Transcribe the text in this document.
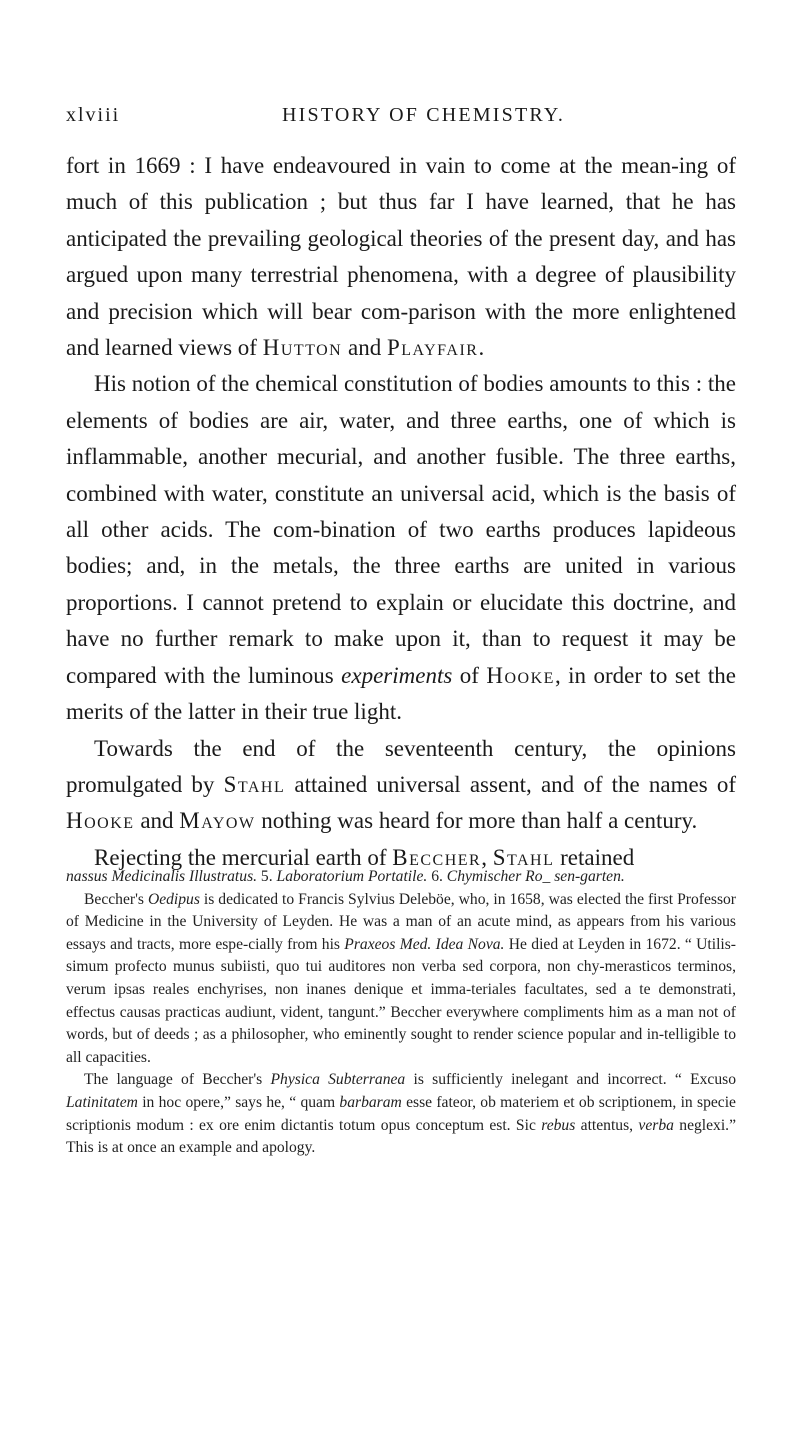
xlviii	HISTORY OF CHEMISTRY.

fort in 1669 : I have endeavoured in vain to come at the mean-ing of much of this publication ; but thus far I have learned, that he has anticipated the prevailing geological theories of the present day, and has argued upon many terrestrial phenomena, with a degree of plausibility and precision which will bear com-parison with the more enlightened and learned views of Hutton and Playfair.

His notion of the chemical constitution of bodies amounts to this : the elements of bodies are air, water, and three earths, one of which is inflammable, another mecurial, and another fusible. The three earths, combined with water, constitute an universal acid, which is the basis of all other acids. The com-bination of two earths produces lapideous bodies; and, in the metals, the three earths are united in various proportions. I cannot pretend to explain or elucidate this doctrine, and have no further remark to make upon it, than to request it may be compared with the luminous experiments of Hooke, in order to set the merits of the latter in their true light.

Towards the end of the seventeenth century, the opinions promulgated by Stahl attained universal assent, and of the names of Hooke and Mayow nothing was heard for more than half a century.

Rejecting the mercurial earth of Beccher, Stahl retained

nassus Medicinalis Illustratus. 5. Laboratorium Portatile. 6. Chymischer Ro_ sen-garten.

Beccher's Oedipus is dedicated to Francis Sylvius Deleböe, who, in 1658, was elected the first Professor of Medicine in the University of Leyden. He was a man of an acute mind, as appears from his various essays and tracts, more espe-cially from his Praxeos Med. Idea Nova. He died at Leyden in 1672. “ Utilis-simum profecto munus subiisti, quo tui auditores non verba sed corpora, non chy-merasticos terminos, verum ipsas reales enchyrises, non inanes denique et imma-teriales facultates, sed a te demonstrati, effectus causas practicas audiunt, vident, tangunt.” Beccher everywhere compliments him as a man not of words, but of deeds ; as a philosopher, who eminently sought to render science popular and in-telligible to all capacities.

The language of Beccher's Physica Subterranea is sufficiently inelegant and incorrect. “ Excuso Latinitatem in hoc opere,” says he, “ quam barbaram esse fateor, ob materiem et ob scriptionem, in specie scriptionis modum : ex ore enim dictantis totum opus conceptum est. Sic rebus attentus, verba neglexi.” This is at once an example and apology.
